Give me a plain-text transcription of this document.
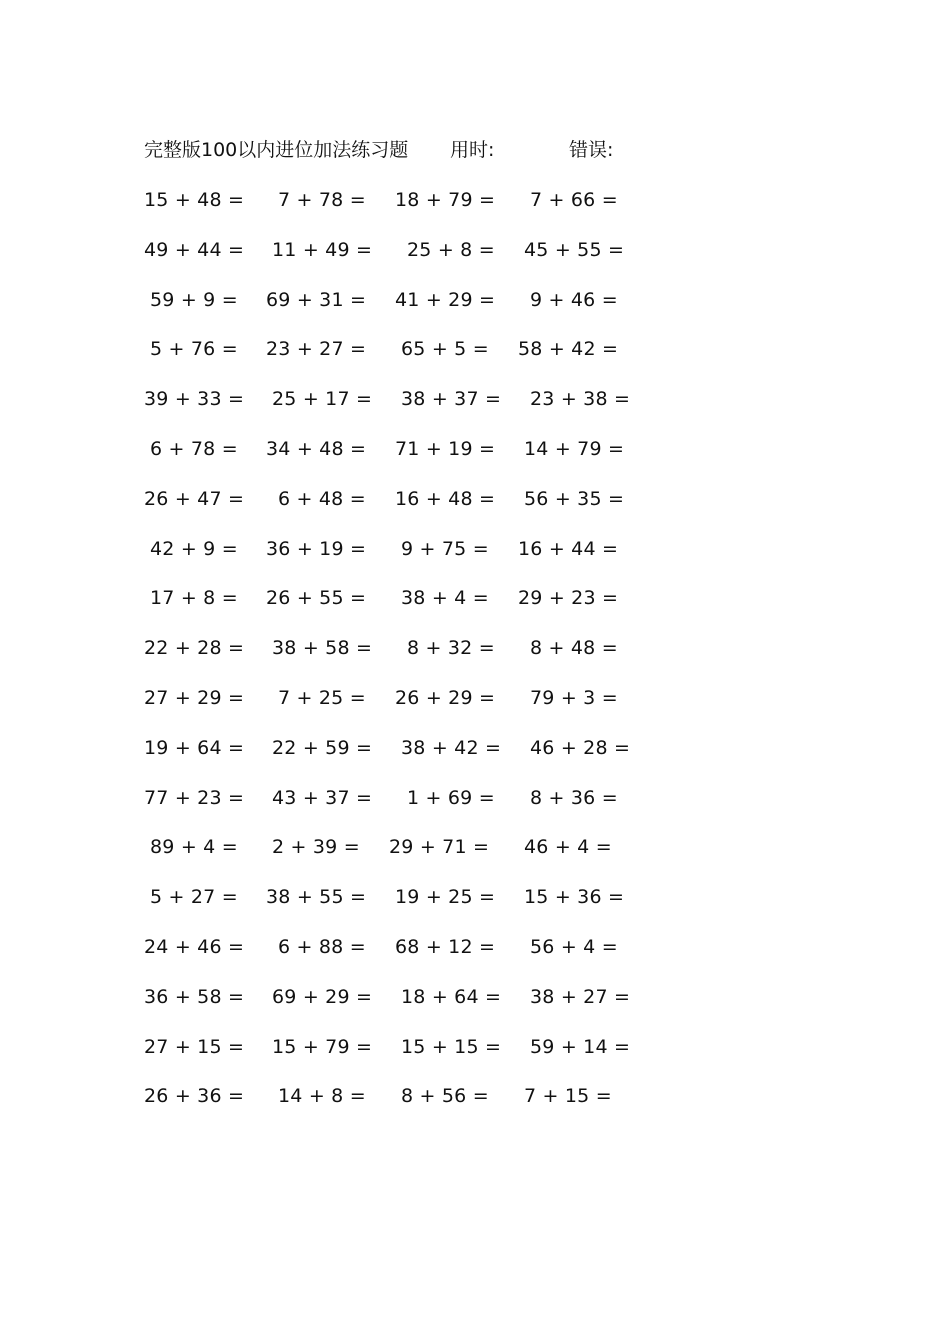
完整版100以内进位加法练习题 用时:	错误:
15 + 48 = 7 + 78 = 18 + 79 = 7 + 66 =
49 + 44 = 11 + 49 = 25 + 8 = 45 + 55 =
59 + 9 = 69 + 31 = 41 + 29 = 9 + 46 =
5 + 76 = 23 + 27 = 65 + 5 = 58 + 42 =
39 + 33 = 25 + 17 = 38 + 37 = 23 + 38 =
6 + 78 = 34 + 48 = 71 + 19 = 14 + 79 =
26 + 47 = 6 + 48 = 16 + 48 = 56 + 35 =
42 + 9 = 36 + 19 = 9 + 75 = 16 + 44 =
17 + 8 = 26 + 55 = 38 + 4 = 29 + 23 =
22 + 28 = 38 + 58 = 8 + 32 = 8 + 48 =
27 + 29 = 7 + 25 = 26 + 29 = 79 + 3 =
19 + 64 = 22 + 59 = 38 + 42 = 46 + 28 =
77 + 23 = 43 + 37 = 1 + 69 = 8 + 36 =
89 + 4 = 2 + 39 = 29 + 71 = 46 + 4 =
5 + 27 = 38 + 55 = 19 + 25 = 15 + 36 =
24 + 46 = 6 + 88 = 68 + 12 = 56 + 4 =
36 + 58 = 69 + 29 = 18 + 64 = 38 + 27 =
27 + 15 = 15 + 79 = 15 + 15 = 59 + 14 =
26 + 36 = 14 + 8 = 8 + 56 = 7 + 15 =
